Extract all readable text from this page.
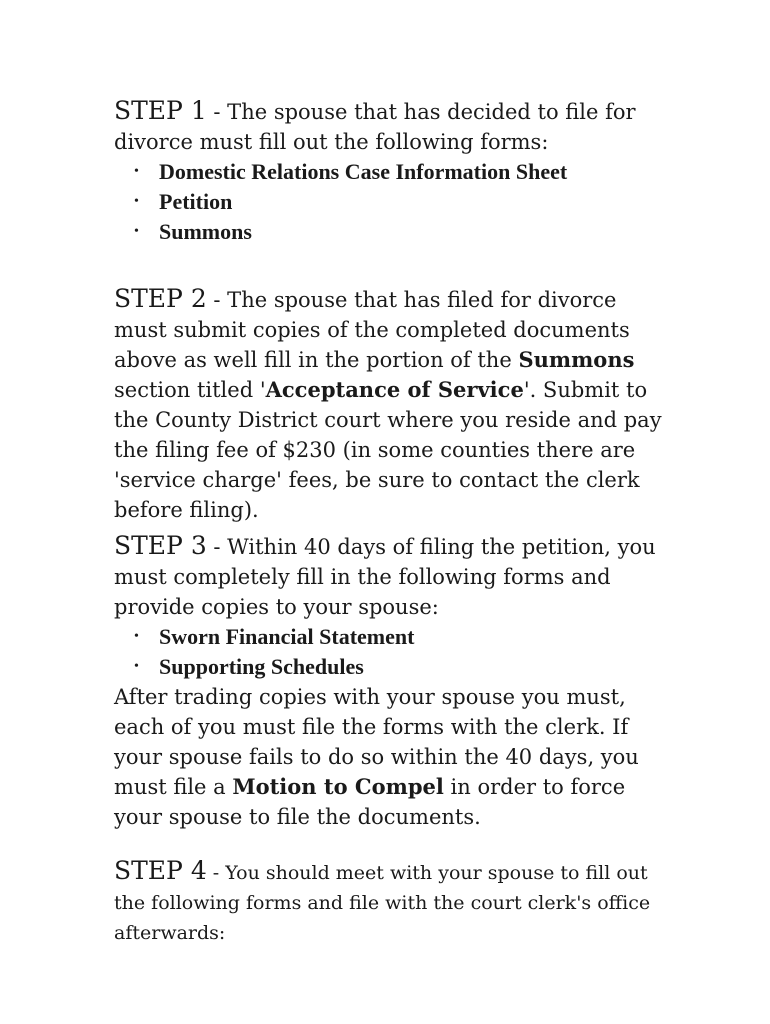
STEP 1 - The spouse that has decided to file for divorce must fill out the following forms:
• Domestic Relations Case Information Sheet
• Petition
• Summons
STEP 2 - The spouse that has filed for divorce must submit copies of the completed documents above as well fill in the portion of the Summons section titled 'Acceptance of Service'. Submit to the County District court where you reside and pay the filing fee of $230 (in some counties there are 'service charge' fees, be sure to contact the clerk before filing).
STEP 3 - Within 40 days of filing the petition, you must completely fill in the following forms and provide copies to your spouse:
• Sworn Financial Statement
• Supporting Schedules
After trading copies with your spouse you must, each of you must file the forms with the clerk. If your spouse fails to do so within the 40 days, you must file a Motion to Compel in order to force your spouse to file the documents.
STEP 4 - You should meet with your spouse to fill out the following forms and file with the court clerk's office afterwards:
